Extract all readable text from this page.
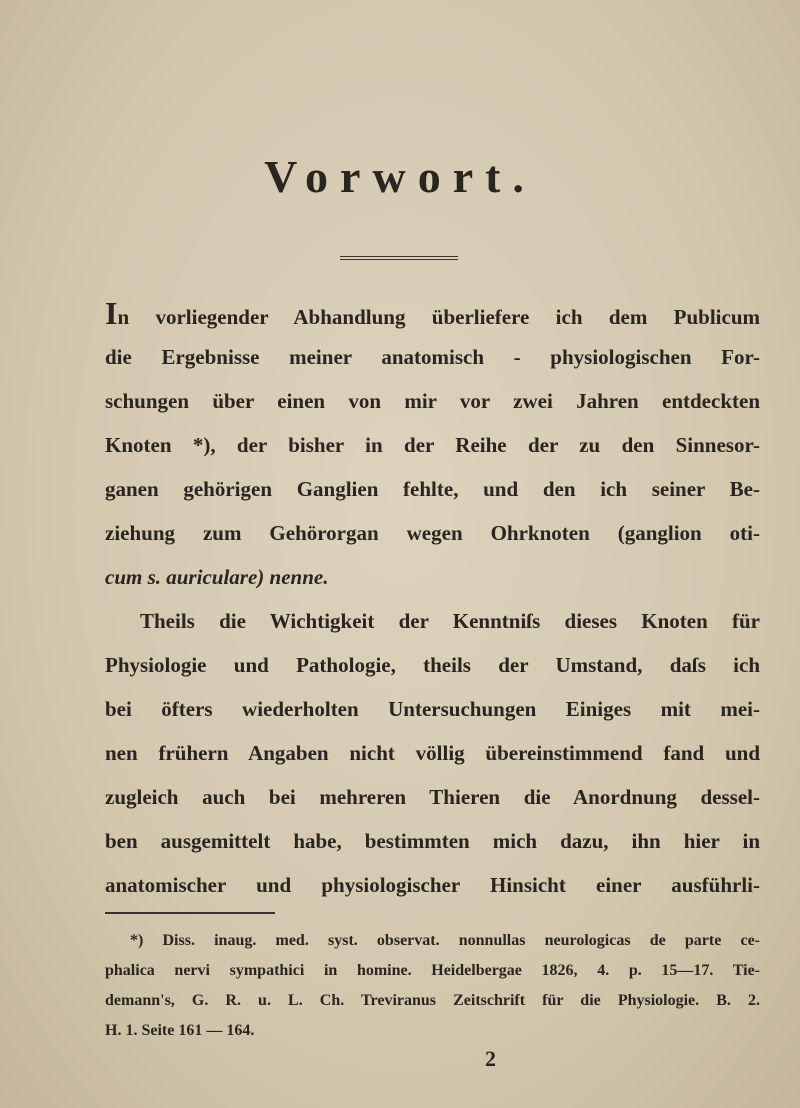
Vorwort.
In vorliegender Abhandlung überliefere ich dem Publicum
die Ergebnisse meiner anatomisch - physiologischen For-
schungen über einen von mir vor zwei Jahren entdeckten
Knoten *), der bisher in der Reihe der zu den Sinnesor-
ganen gehörigen Ganglien fehlte, und den ich seiner Be-
ziehung zum Gehörorgan wegen Ohrknoten (ganglion oti-
cum s. auriculare) nenne.
Theils die Wichtigkeit der Kenntniſs dieses Knoten für
Physiologie und Pathologie, theils der Umstand, daſs ich
bei öfters wiederholten Untersuchungen Einiges mit mei-
nen frühern Angaben nicht völlig übereinstimmend fand und
zugleich auch bei mehreren Thieren die Anordnung dessel-
ben ausgemittelt habe, bestimmten mich dazu, ihn hier in
anatomischer und physiologischer Hinsicht einer ausführli-
*) Diss. inaug. med. syst. observat. nonnullas neurologicas de parte ce-
phalica nervi sympathici in homine. Heidelbergae 1826, 4. p. 15—17. Tie-
demann's, G. R. u. L. Ch. Treviranus Zeitschrift für die Physiologie. B. 2.
H. 1. Seite 161 — 164.
2
